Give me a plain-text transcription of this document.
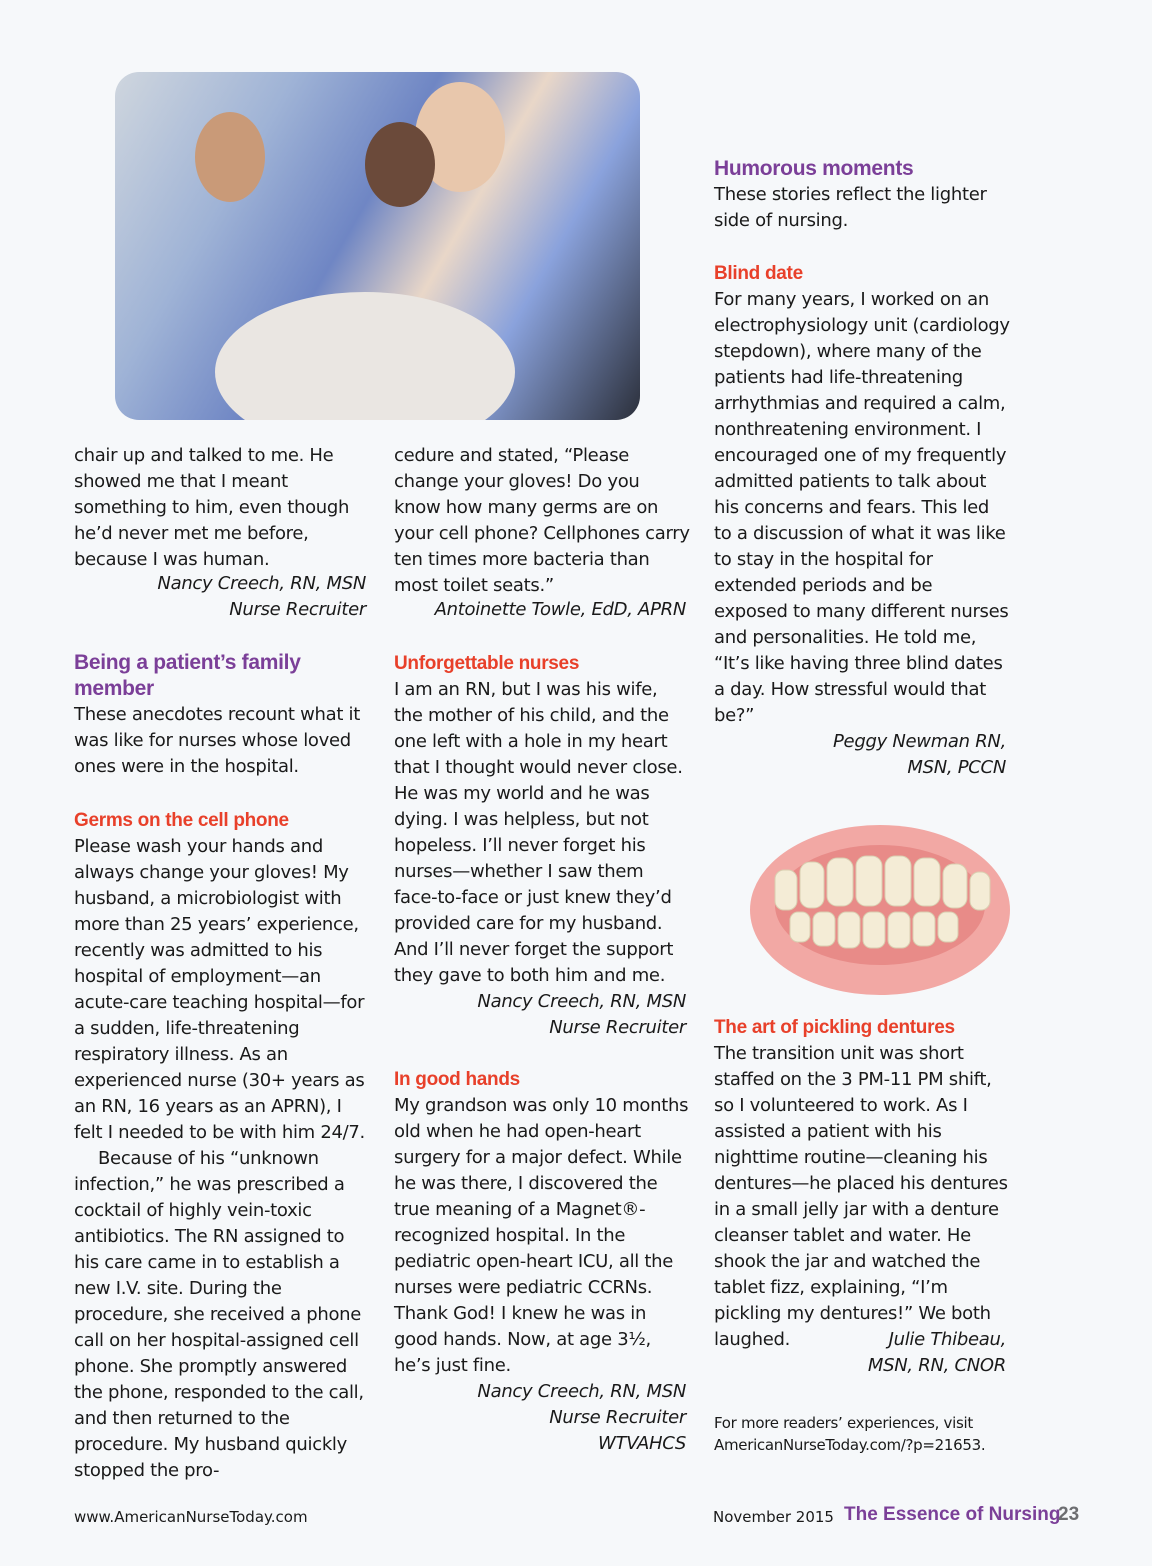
chair up and talked to me. He showed me that I meant something to him, even though he’d never met me before, because I was human.

Nancy Creech, RN, MSN
Nurse Recruiter
Being a patient’s family member
These anecdotes recount what it was like for nurses whose loved ones were in the hospital.
Germs on the cell phone

Please wash your hands and always change your gloves! My husband, a microbiologist with more than 25 years’ experience, recently was admitted to his hospital of employment—an acute-care teaching hospital—for a sudden, life-threatening respiratory illness. As an experienced nurse (30+ years as an RN, 16 years as an APRN), I felt I needed to be with him 24/7.

Because of his “unknown infection,” he was prescribed a cocktail of highly vein-toxic antibiotics. The RN assigned to his care came in to establish a new I.V. site. During the procedure, she received a phone call on her hospital-assigned cell phone. She promptly answered the phone, responded to the call, and then returned to the procedure. My husband quickly stopped the pro-

cedure and stated, “Please change your gloves! Do you know how many germs are on your cell phone? Cellphones carry ten times more bacteria than most toilet seats.”
Antoinette Towle, EdD, APRN
Unforgettable nurses
I am an RN, but I was his wife, the mother of his child, and the one left with a hole in my heart that I thought would never close. He was my world and he was dying. I was helpless, but not hopeless. I’ll never forget his nurses—whether I saw them face-to-face or just knew they’d provided care for my husband. And I’ll never forget the support they gave to both him and me.
Nancy Creech, RN, MSN
Nurse Recruiter
In good hands
My grandson was only 10 months old when he had open-heart surgery for a major defect. While he was there, I discovered the true meaning of a Magnet®-recognized hospital. In the pediatric open-heart ICU, all the nurses were pediatric CCRNs. Thank God! I knew he was in good hands. Now, at age 3½, he’s just fine.
Nancy Creech, RN, MSN
Nurse Recruiter
WTVAHCS
Humorous moments
These stories reflect the lighter side of nursing.
Blind date
For many years, I worked on an electrophysiology unit (cardiology stepdown), where many of the patients had life-threatening arrhythmias and required a calm, nonthreatening environment. I encouraged one of my frequently admitted patients to talk about his concerns and fears. This led to a discussion of what it was like to stay in the hospital for extended periods and be exposed to many different nurses and personalities. He told me, “It’s like having three blind dates a day. How stressful would that be?”
Peggy Newman RN,
MSN, PCCN
The art of pickling dentures
The transition unit was short staffed on the 3 PM-11 PM shift, so I volunteered to work. As I assisted a patient with his nighttime routine—cleaning his dentures—he placed his dentures in a small jelly jar with a denture cleanser tablet and water. He shook the jar and watched the tablet fizz, explaining, “I’m pickling my dentures!” We both laughed.	Julie Thibeau,
MSN, RN, CNOR
For more readers’ experiences, visit AmericanNurseToday.com/?p=21653.
www.AmericanNurseToday.com	November 2015 The Essence of Nursing
23
